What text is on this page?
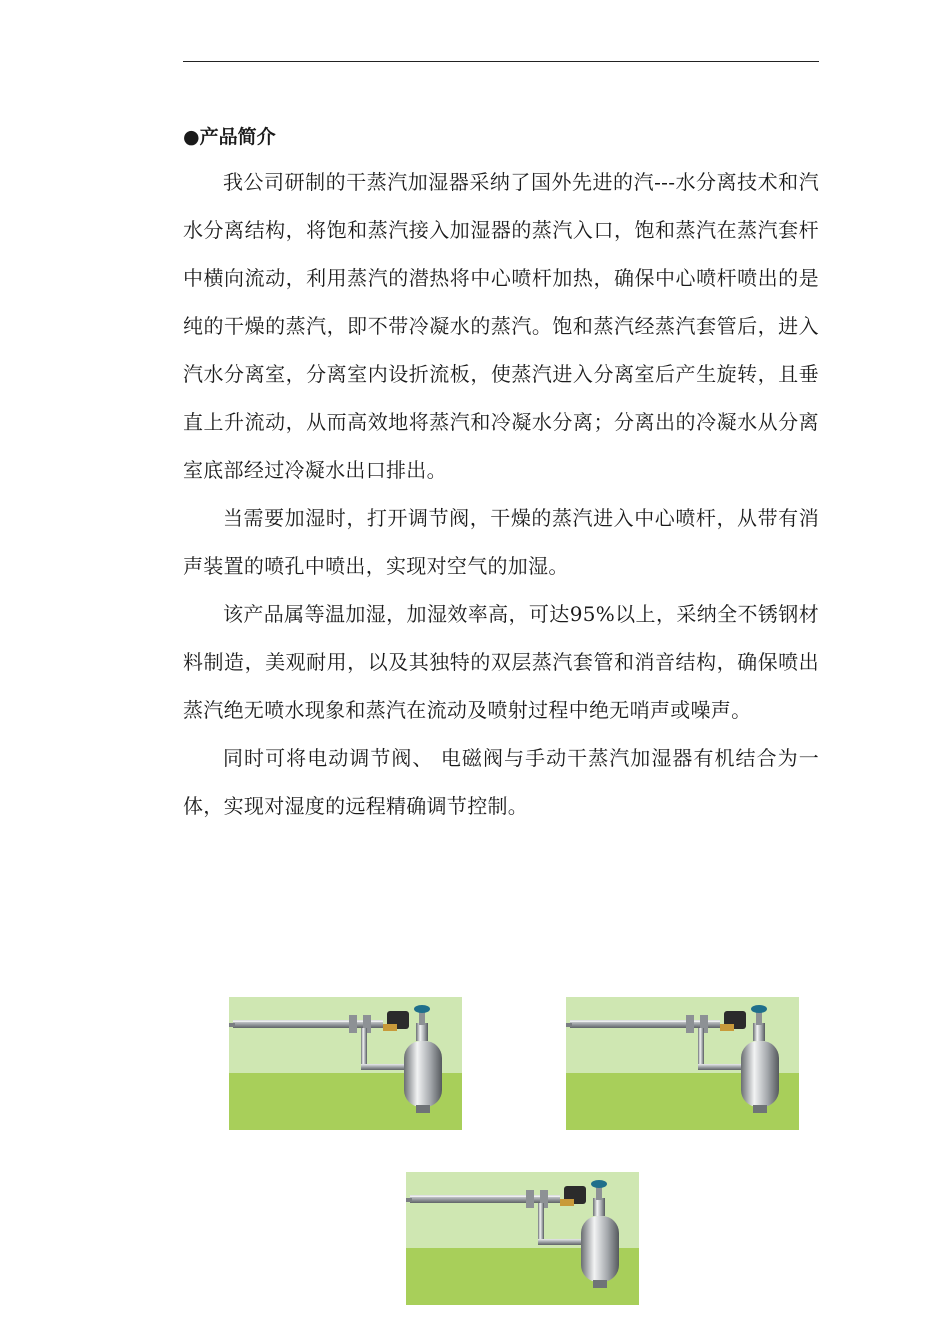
●产品简介

我公司研制的干蒸汽加湿器采纳了国外先进的汽---水分离技术和汽水分离结构，将饱和蒸汽接入加湿器的蒸汽入口，饱和蒸汽在蒸汽套杆中横向流动，利用蒸汽的潜热将中心喷杆加热，确保中心喷杆喷出的是纯的干燥的蒸汽，即不带冷凝水的蒸汽。饱和蒸汽经蒸汽套管后，进入汽水分离室，分离室内设折流板，使蒸汽进入分离室后产生旋转，且垂直上升流动，从而高效地将蒸汽和冷凝水分离；分离出的冷凝水从分离室底部经过冷凝水出口排出。

当需要加湿时，打开调节阀，干燥的蒸汽进入中心喷杆，从带有消声装置的喷孔中喷出，实现对空气的加湿。

该产品属等温加湿，加湿效率高，可达95%以上，采纳全不锈钢材料制造，美观耐用，以及其独特的双层蒸汽套管和消音结构，确保喷出蒸汽绝无喷水现象和蒸汽在流动及喷射过程中绝无哨声或噪声。

同时可将电动调节阀、 电磁阀与手动干蒸汽加湿器有机结合为一体，实现对湿度的远程精确调节控制。
